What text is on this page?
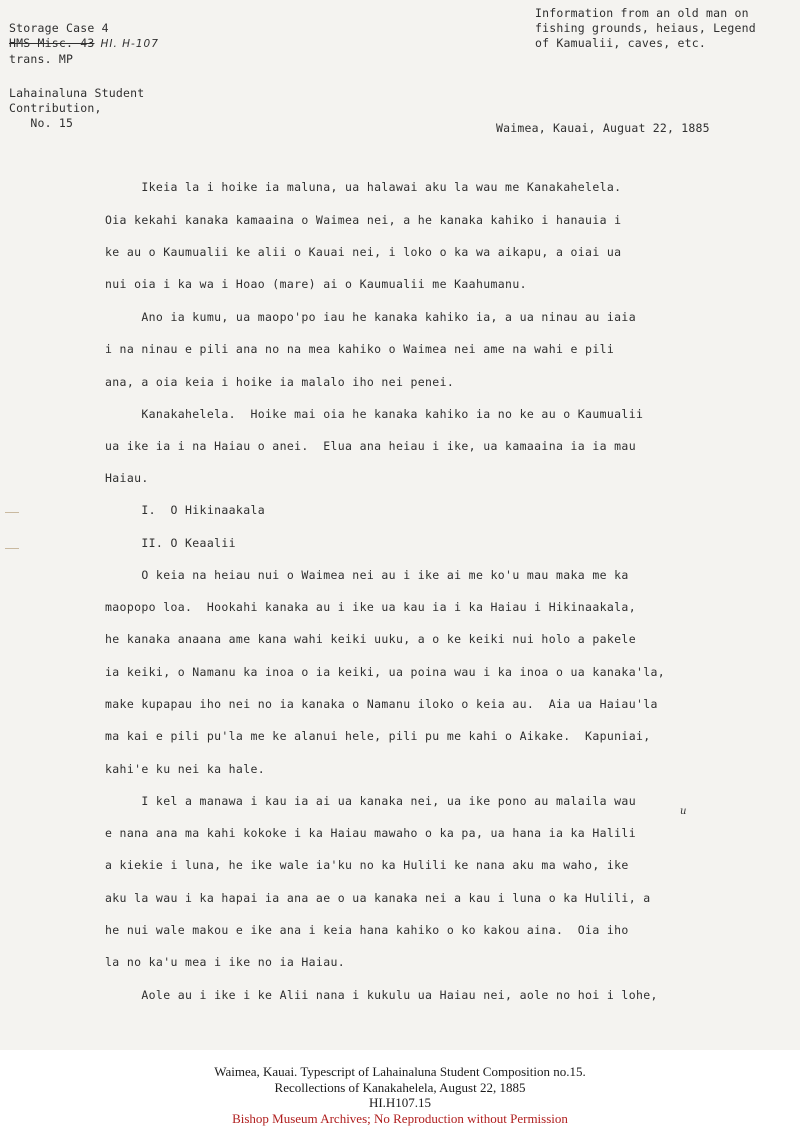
Storage Case 4
HMS Misc. 43 HI. H-107
trans. MP
Information from an old man on
fishing grounds, heiaus, Legend
of Kamualii, caves, etc.
Lahainaluna Student
Contribution,
No. 15	Waimea, Kauai, Auguat 22, 1885
Ikeia la i hoike ia maluna, ua halawai aku la wau me Kanakahelela.
Oia kekahi kanaka kamaaina o Waimea nei, a he kanaka kahiko i hanauia i
ke au o Kaumualii ke alii o Kauai nei, i loko o ka wa aikapu, a oiai ua
nui oia i ka wa i Hoao (mare) ai o Kaumualii me Kaahumanu.
Ano ia kumu, ua maopo'po iau he kanaka kahiko ia, a ua ninau au iaia
i na ninau e pili ana no na mea kahiko o Waimea nei ame na wahi e pili
ana, a oia keia i hoike ia malalo iho nei penei.
Kanakahelela.  Hoike mai oia he kanaka kahiko ia no ke au o Kaumualii
ua ike ia i na Haiau o anei.  Elua ana heiau i ike, ua kamaaina ia ia mau
Haiau.
I.  O Hikinaakala
II. O Keaalii
O keia na heiau nui o Waimea nei au i ike ai me ko'u mau maka me ka
maopopo loa.  Hookahi kanaka au i ike ua kau ia i ka Haiau i Hikinaakala,
he kanaka anaana ame kana wahi keiki uuku, a o ke keiki nui holo a pakele
ia keiki, o Namanu ka inoa o ia keiki, ua poina wau i ka inoa o ua kanaka'la,
make kupapau iho nei no ia kanaka o Namanu iloko o keia au.  Aia ua Haiau'la
ma kai e pili pu'la me ke alanui hele, pili pu me kahi o Aikake.  Kapuniai,
kahi'e ku nei ka hale.
I kel a manawa i kau ia ai ua kanaka nei, ua ike pono au malaila wau
e nana ana ma kahi kokoke i ka Haiau mawaho o ka pa, ua hana ia ka Halili
a kiekie i luna, he ike wale ia'ku no ka Hulili ke nana aku ma waho, ike
aku la wau i ka hapai ia ana ae o ua kanaka nei a kau i luna o ka Hulili, a
he nui wale makou e ike ana i keia hana kahiko o ko kakou aina.  Oia iho
la no ka'u mea i ike no ia Haiau.
Aole au i ike i ke Alii nana i kukulu ua Haiau nei, aole no hoi i lohe,
u
Waimea, Kauai. Typescript of Lahainaluna Student Composition no.15.
Recollections of Kanakahelela, August 22, 1885
HI.H107.15
Bishop Museum Archives; No Reproduction without Permission
